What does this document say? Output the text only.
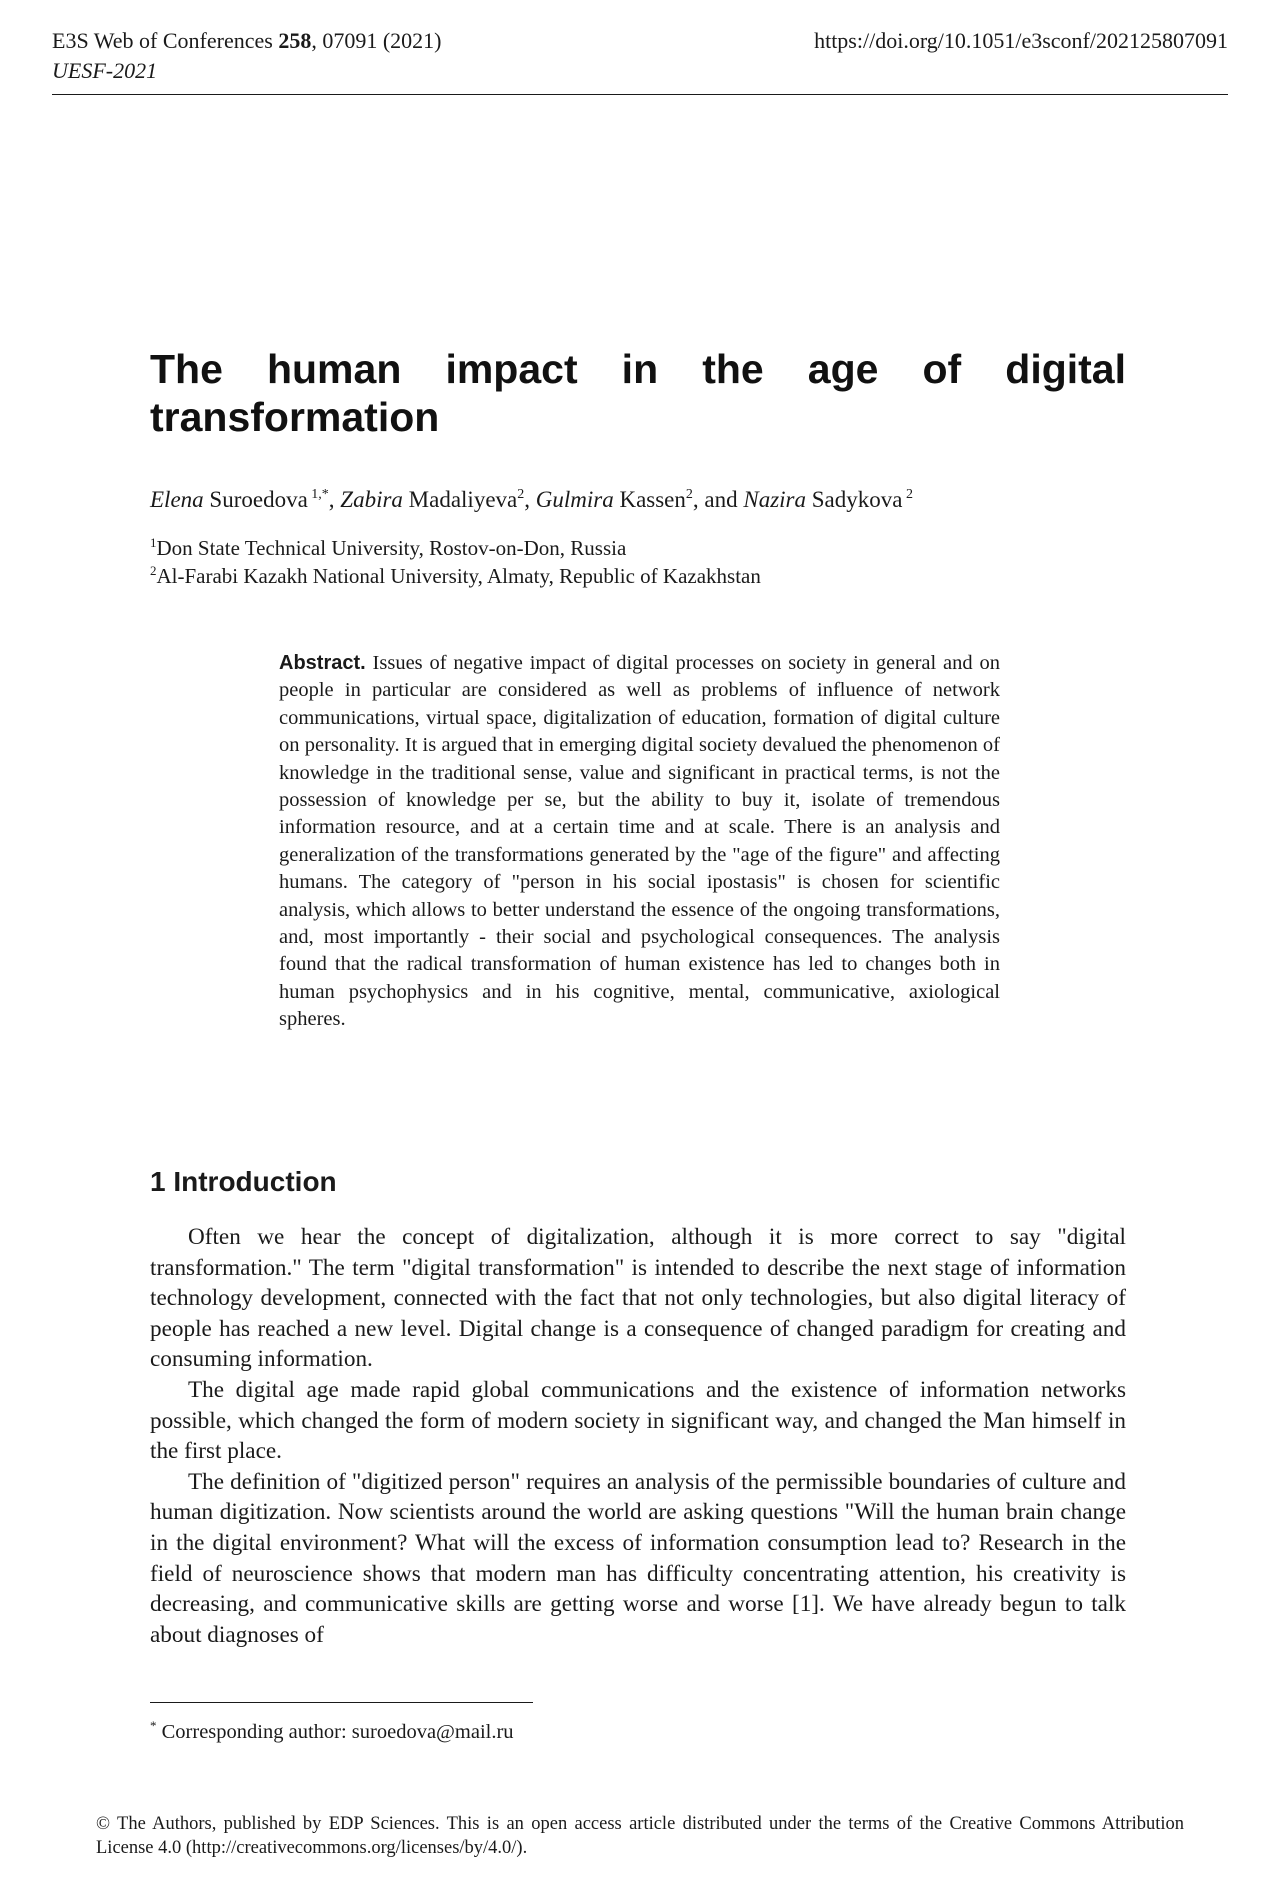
E3S Web of Conferences 258, 07091 (2021)	https://doi.org/10.1051/e3sconf/202125807091
UESF-2021
The human impact in the age of digital transformation
Elena Suroedova $^{1,*}$, Zabira Madaliyeva$^2$, Gulmira Kassen$^2$, and Nazira Sadykova $^2$
$^1$Don State Technical University, Rostov-on-Don, Russia
$^2$Al-Farabi Kazakh National University, Almaty, Republic of Kazakhstan
Abstract. Issues of negative impact of digital processes on society in general and on people in particular are considered as well as problems of influence of network communications, virtual space, digitalization of education, formation of digital culture on personality. It is argued that in emerging digital society devalued the phenomenon of knowledge in the traditional sense, value and significant in practical terms, is not the possession of knowledge per se, but the ability to buy it, isolate of tremendous information resource, and at a certain time and at scale. There is an analysis and generalization of the transformations generated by the "age of the figure" and affecting humans. The category of "person in his social ipostasis" is chosen for scientific analysis, which allows to better understand the essence of the ongoing transformations, and, most importantly - their social and psychological consequences. The analysis found that the radical transformation of human existence has led to changes both in human psychophysics and in his cognitive, mental, communicative, axiological spheres.
1 Introduction

Often we hear the concept of digitalization, although it is more correct to say "digital transformation." The term "digital transformation" is intended to describe the next stage of information technology development, connected with the fact that not only technologies, but also digital literacy of people has reached a new level. Digital change is a consequence of changed paradigm for creating and consuming information.

The digital age made rapid global communications and the existence of information networks possible, which changed the form of modern society in significant way, and changed the Man himself in the first place.

The definition of "digitized person" requires an analysis of the permissible boundaries of culture and human digitization. Now scientists around the world are asking questions "Will the human brain change in the digital environment? What will the excess of information consumption lead to? Research in the field of neuroscience shows that modern man has difficulty concentrating attention, his creativity is decreasing, and communicative skills are getting worse and worse [1]. We have already begun to talk about diagnoses of

* Corresponding author: suroedova@mail.ru
© The Authors, published by EDP Sciences. This is an open access article distributed under the terms of the Creative Commons Attribution License 4.0 (http://creativecommons.org/licenses/by/4.0/).
